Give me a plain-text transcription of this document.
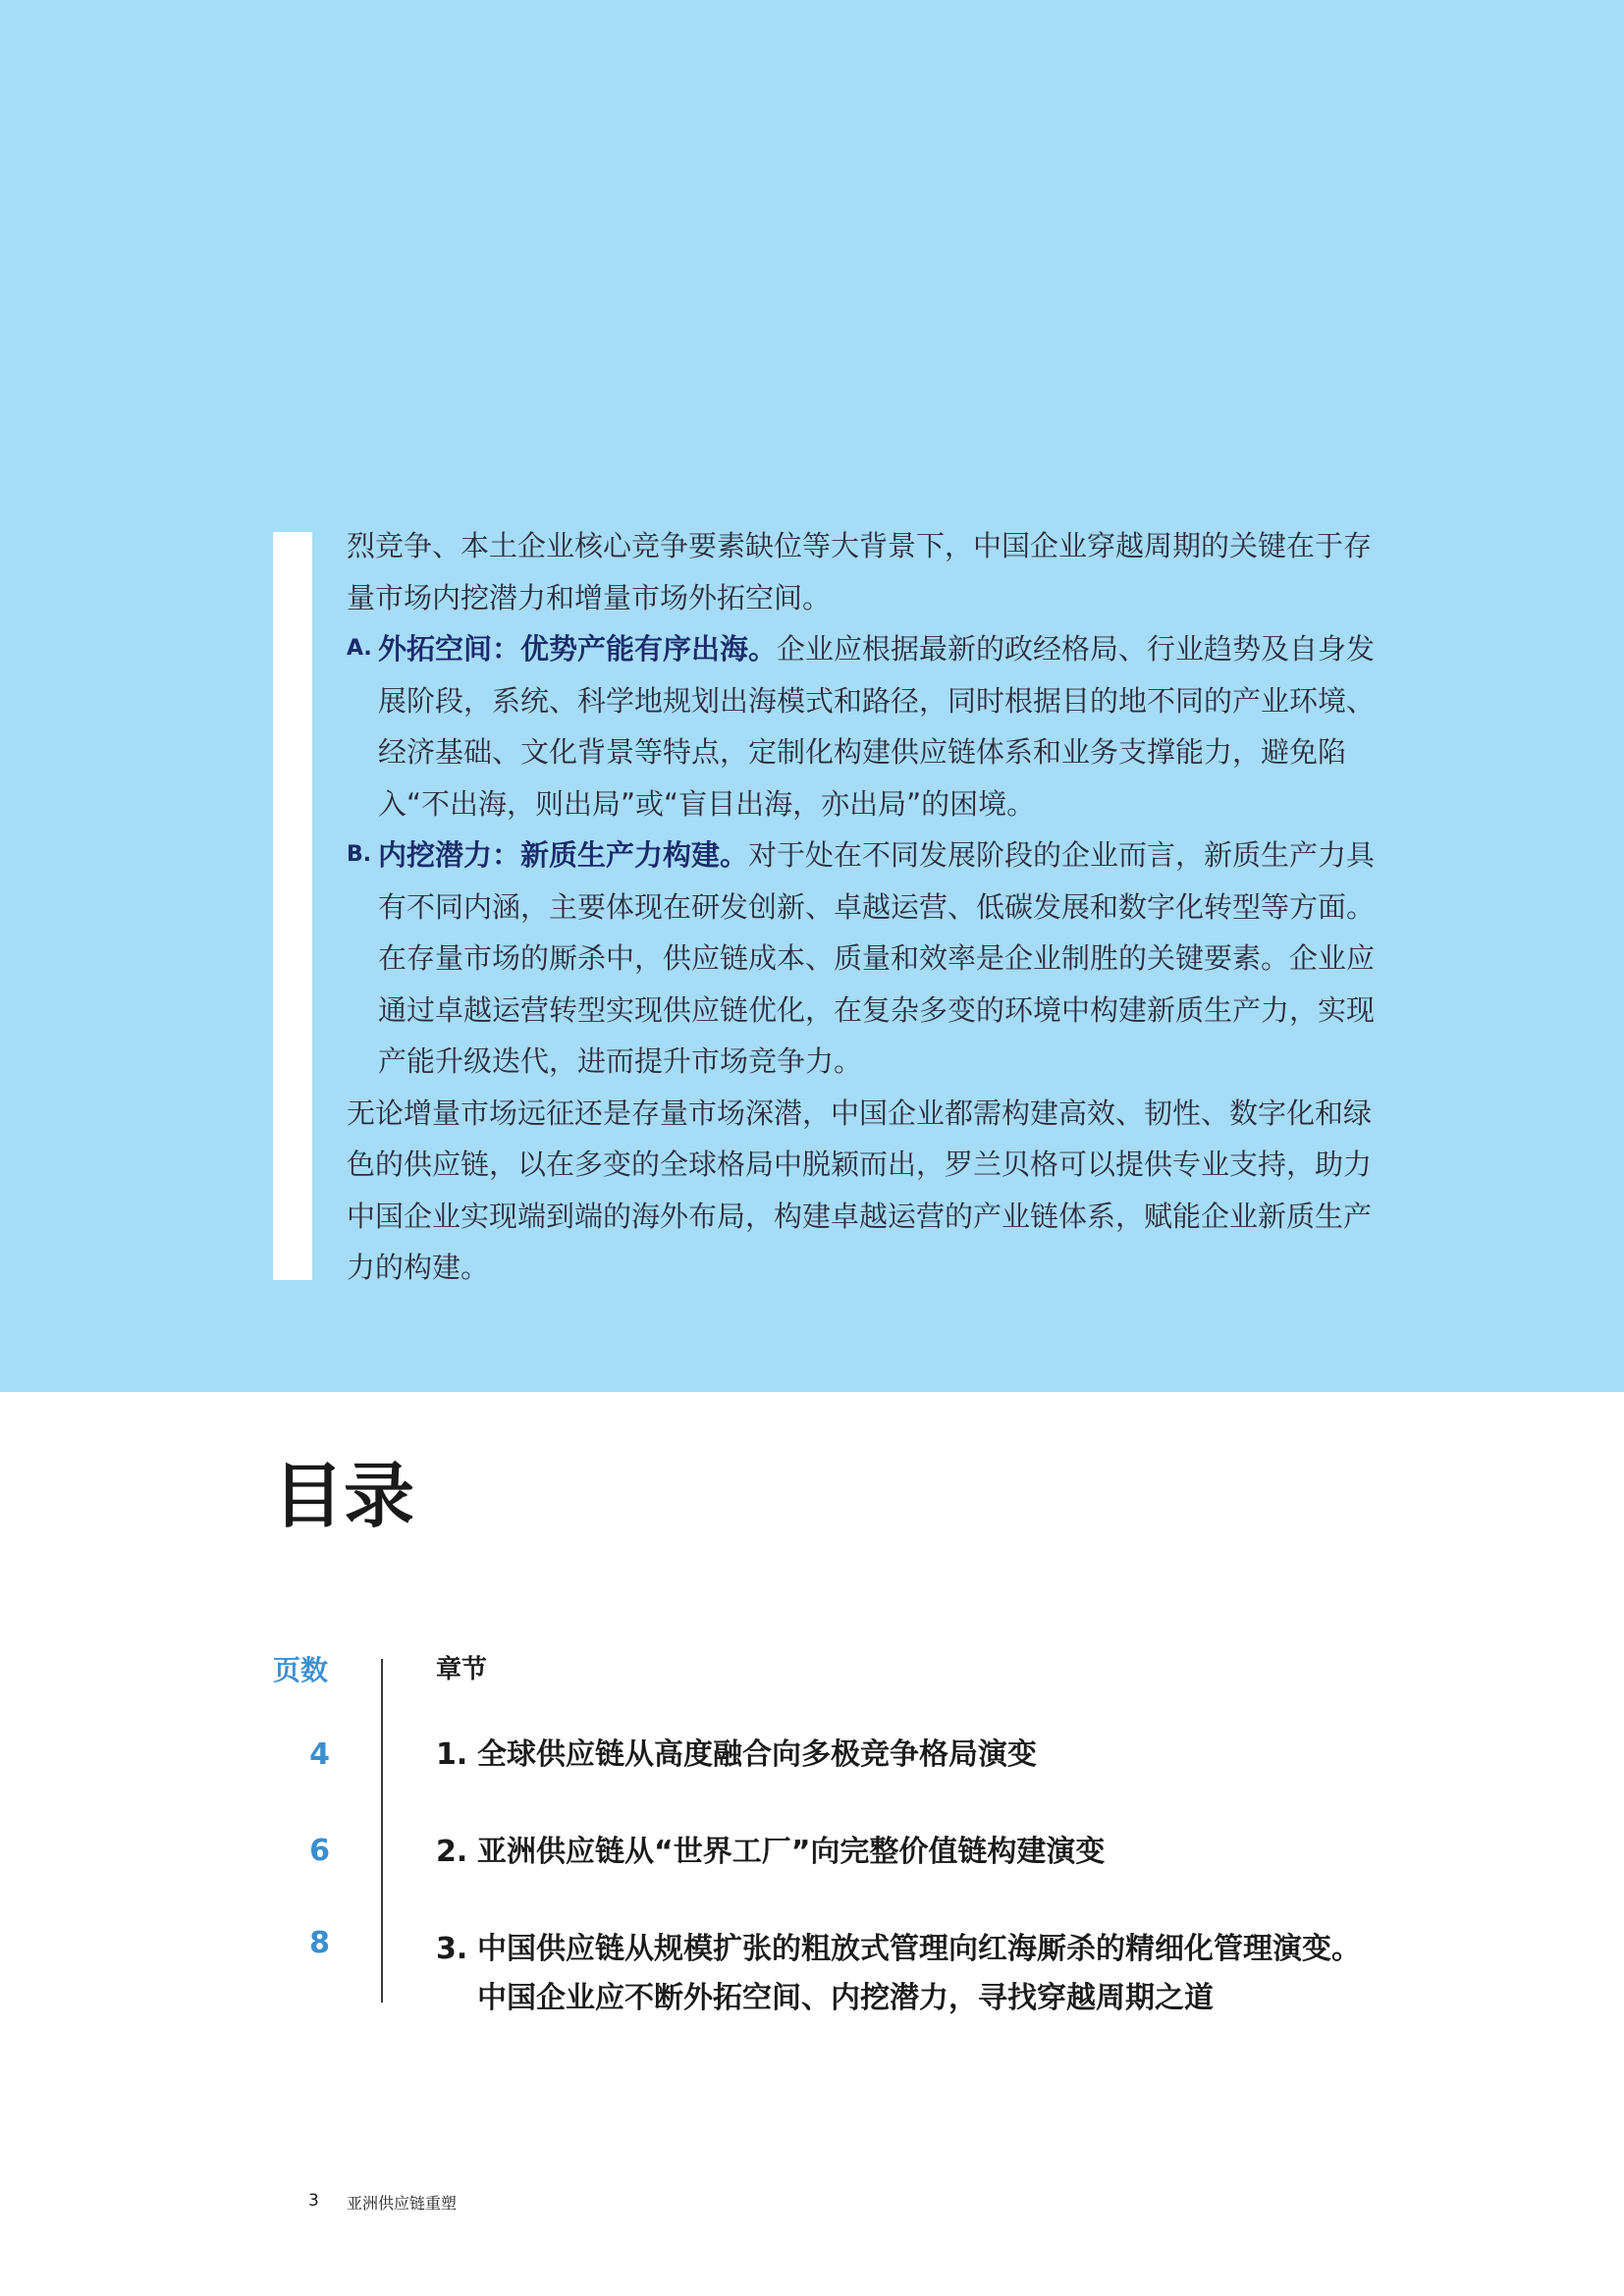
烈竞争、本土企业核心竞争要素缺位等大背景下，中国企业穿越周期的关键在于存量市场内挖潜力和增量市场外拓空间。

A. 外拓空间：优势产能有序出海。企业应根据最新的政经格局、行业趋势及自身发展阶段，系统、科学地规划出海模式和路径，同时根据目的地不同的产业环境、经济基础、文化背景等特点，定制化构建供应链体系和业务支撑能力，避免陷入“不出海，则出局”或“盲目出海，亦出局”的困境。

B. 内挖潜力：新质生产力构建。对于处在不同发展阶段的企业而言，新质生产力具有不同内涵，主要体现在研发创新、卓越运营、低碳发展和数字化转型等方面。在存量市场的厮杀中，供应链成本、质量和效率是企业制胜的关键要素。企业应通过卓越运营转型实现供应链优化，在复杂多变的环境中构建新质生产力，实现产能升级迭代，进而提升市场竞争力。

无论增量市场远征还是存量市场深潜，中国企业都需构建高效、韧性、数字化和绿色的供应链，以在多变的全球格局中脱颖而出，罗兰贝格可以提供专业支持，助力中国企业实现端到端的海外布局，构建卓越运营的产业链体系，赋能企业新质生产力的构建。

目录
页数	章节
4	1. 全球供应链从高度融合向多极竞争格局演变
6	2. 亚洲供应链从“世界工厂”向完整价值链构建演变
8	3. 中国供应链从规模扩张的粗放式管理向红海厮杀的精细化管理演变。
中国企业应不断外拓空间、内挖潜力，寻找穿越周期之道
3 亚洲供应链重塑
